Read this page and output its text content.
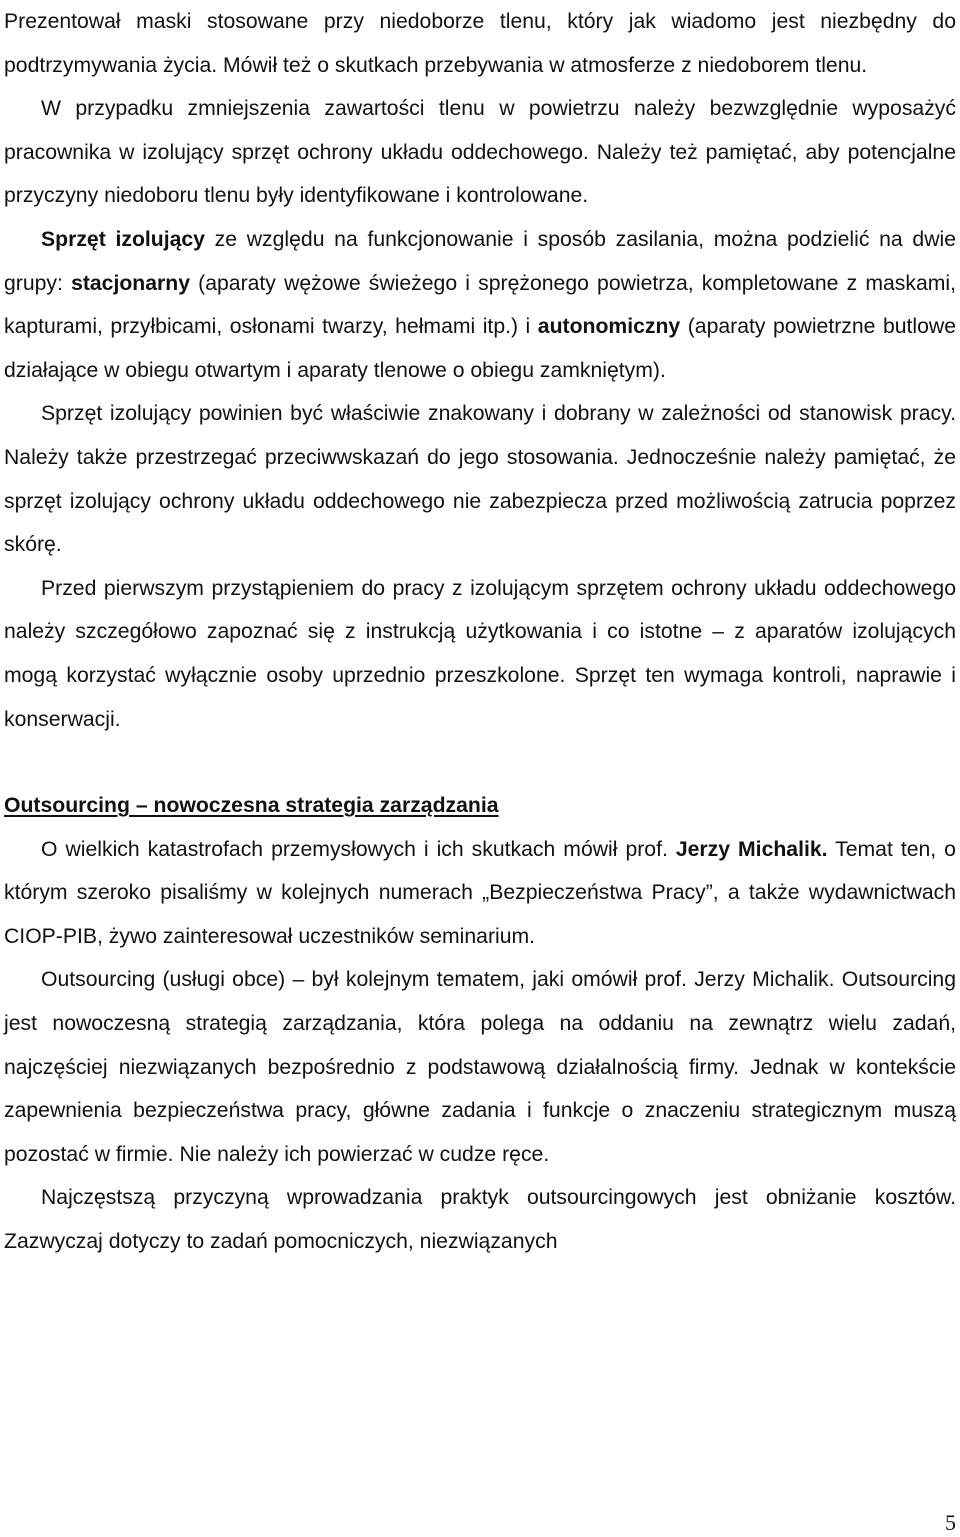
Prezentował maski stosowane przy niedoborze tlenu, który jak wiadomo jest niezbędny do podtrzymywania życia. Mówił też o skutkach przebywania w atmosferze z niedoborem tlenu.

W przypadku zmniejszenia zawartości tlenu w powietrzu należy bezwzględnie wyposażyć pracownika w izolujący sprzęt ochrony układu oddechowego. Należy też pamiętać, aby potencjalne przyczyny niedoboru tlenu były identyfikowane i kontrolowane.

Sprzęt izolujący ze względu na funkcjonowanie i sposób zasilania, można podzielić na dwie grupy: stacjonarny (aparaty wężowe świeżego i sprężonego powietrza, kompletowane z maskami, kapturami, przyłbicami, osłonami twarzy, hełmami itp.) i autonomiczny (aparaty powietrzne butlowe działające w obiegu otwartym i aparaty tlenowe o obiegu zamkniętym).

Sprzęt izolujący powinien być właściwie znakowany i dobrany w zależności od stanowisk pracy. Należy także przestrzegać przeciwwskazań do jego stosowania. Jednocześnie należy pamiętać, że sprzęt izolujący ochrony układu oddechowego nie zabezpiecza przed możliwością zatrucia poprzez skórę.

Przed pierwszym przystąpieniem do pracy z izolującym sprzętem ochrony układu oddechowego należy szczegółowo zapoznać się z instrukcją użytkowania i co istotne – z aparatów izolujących mogą korzystać wyłącznie osoby uprzednio przeszkolone. Sprzęt ten wymaga kontroli, naprawie i konserwacji.

Outsourcing – nowoczesna strategia zarządzania

O wielkich katastrofach przemysłowych i ich skutkach mówił prof. Jerzy Michalik. Temat ten, o którym szeroko pisaliśmy w kolejnych numerach „Bezpieczeństwa Pracy”, a także wydawnictwach CIOP-PIB, żywo zainteresował uczestników seminarium.

Outsourcing (usługi obce) – był kolejnym tematem, jaki omówił prof. Jerzy Michalik. Outsourcing jest nowoczesną strategią zarządzania, która polega na oddaniu na zewnątrz wielu zadań, najczęściej niezwiązanych bezpośrednio z podstawową działalnością firmy. Jednak w kontekście zapewnienia bezpieczeństwa pracy, główne zadania i funkcje o znaczeniu strategicznym muszą pozostać w firmie. Nie należy ich powierzać w cudze ręce.

Najczęstszą przyczyną wprowadzania praktyk outsourcingowych jest obniżanie kosztów. Zazwyczaj dotyczy to zadań pomocniczych, niezwiązanych

5
